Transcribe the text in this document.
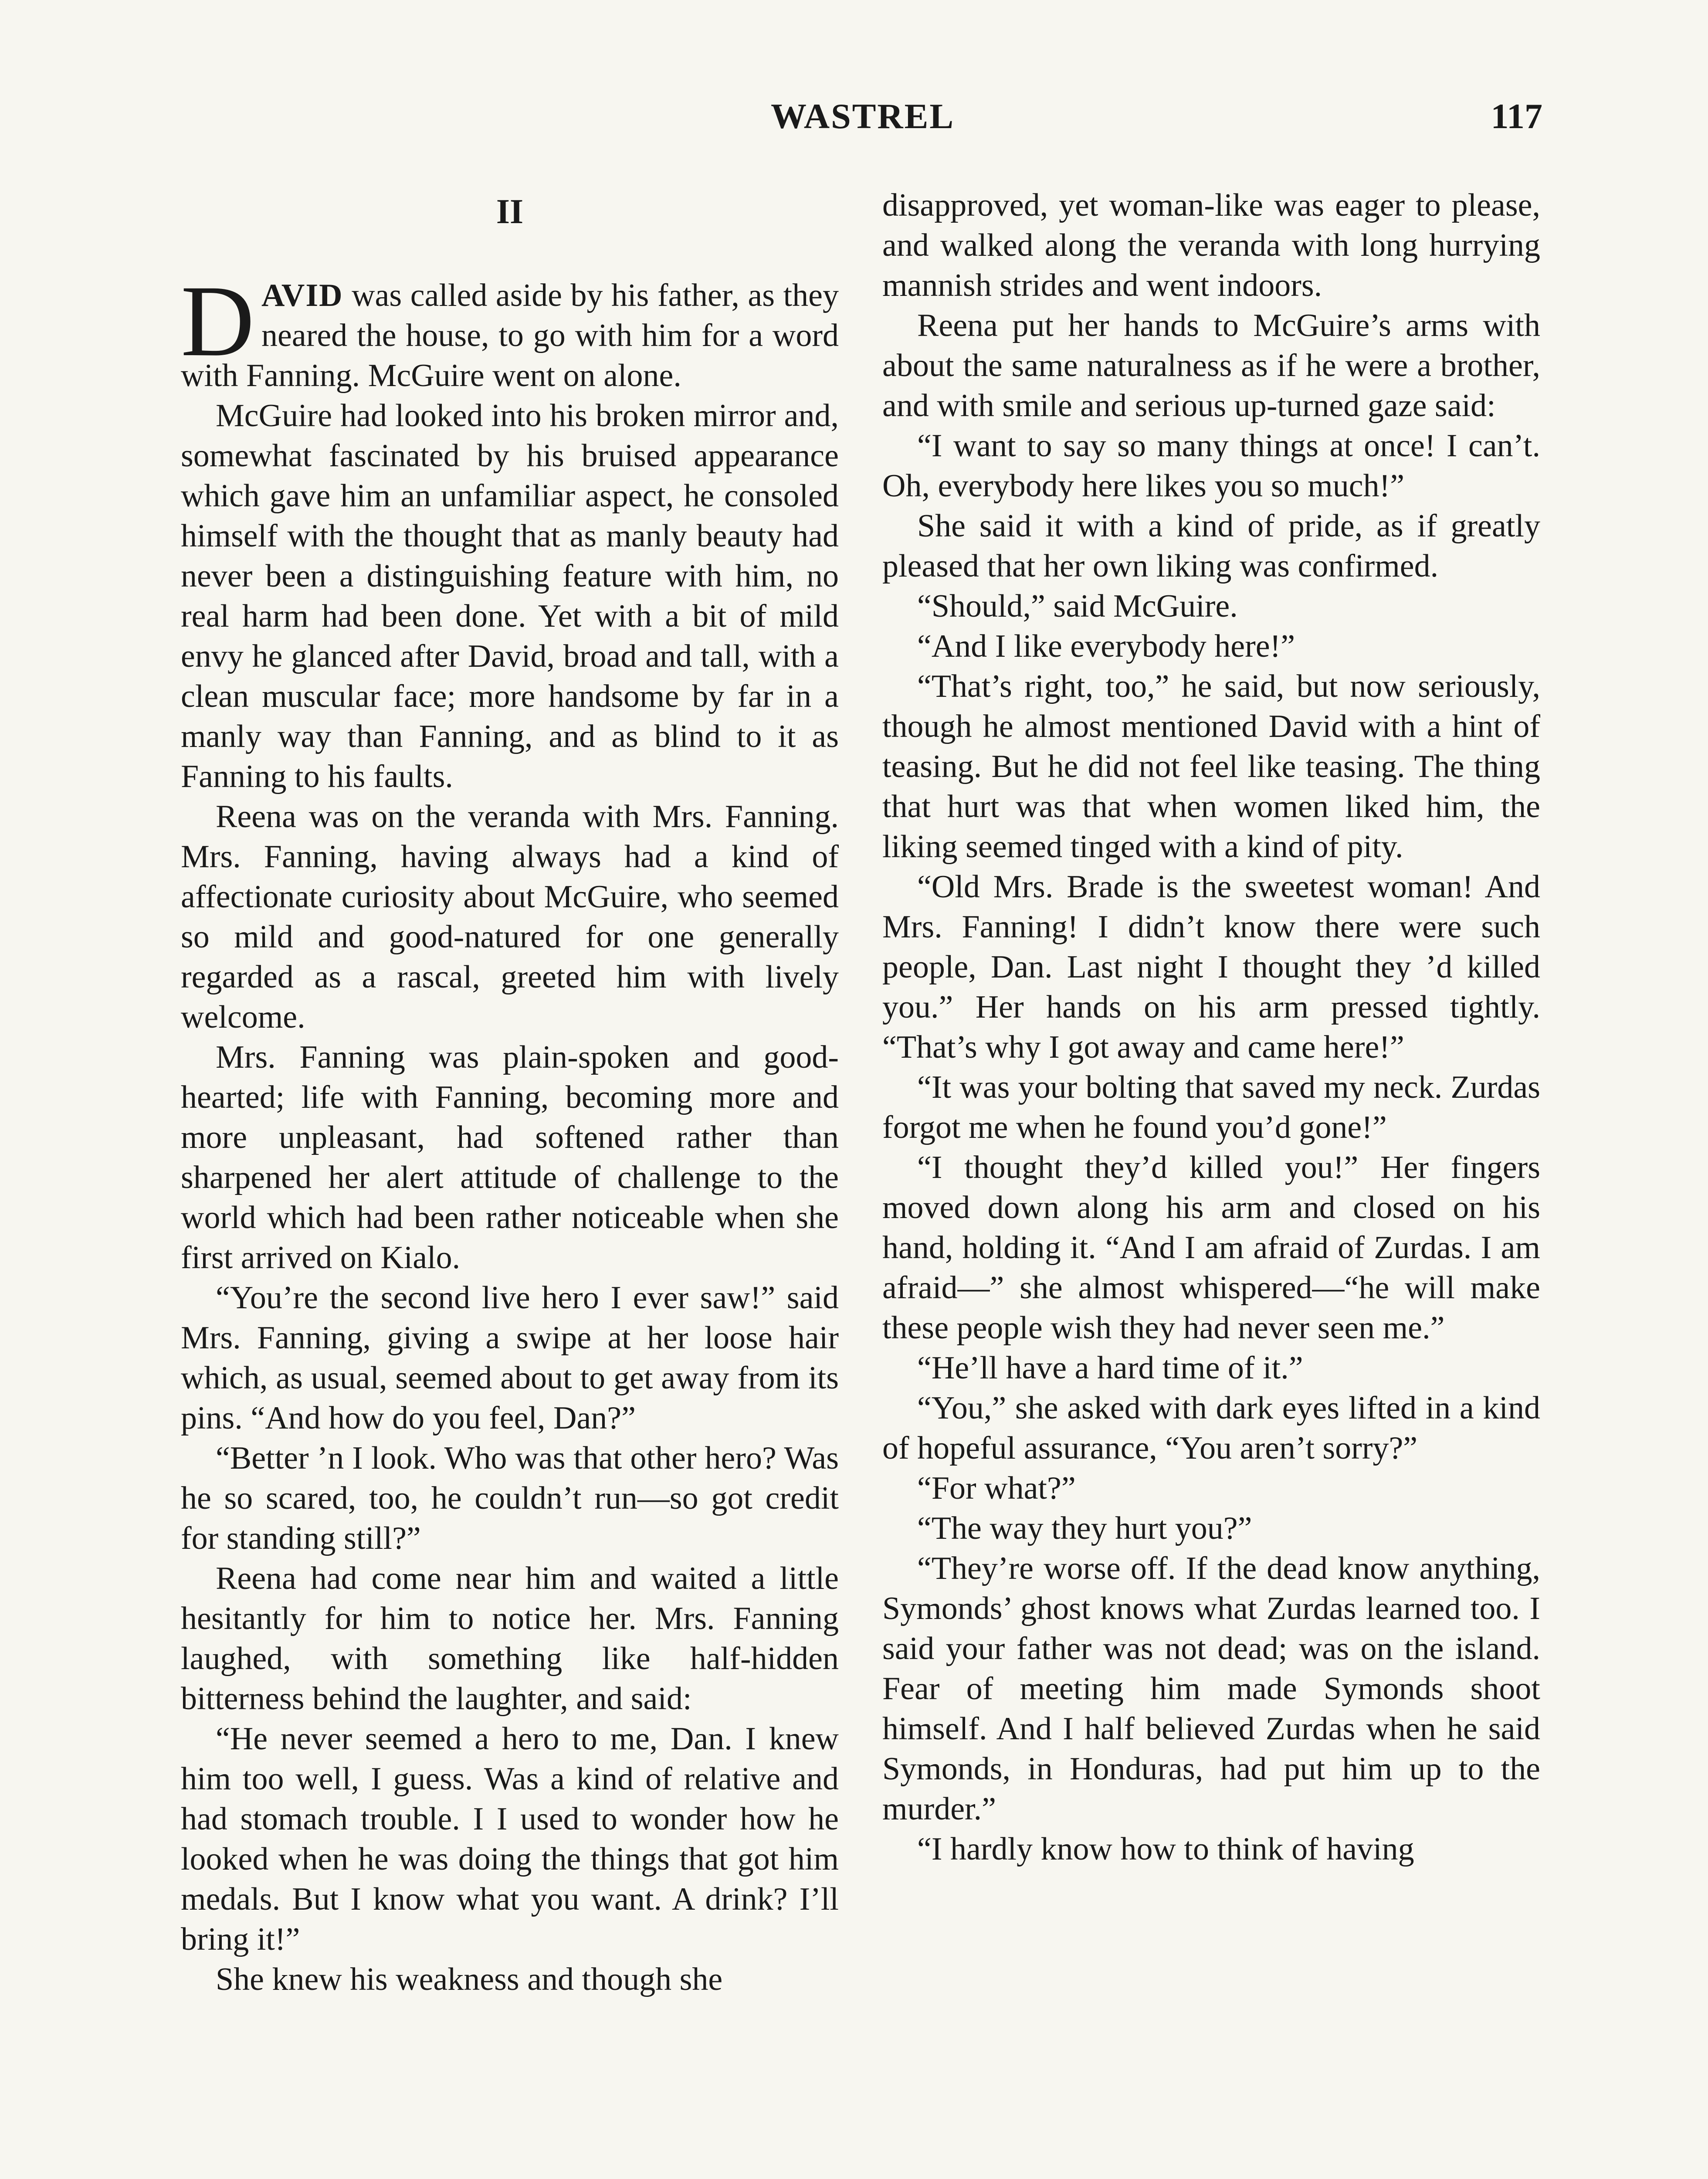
WASTREL	117
II

DAVID was called aside by his father, as they neared the house, to go with him for a word with Fanning. McGuire went on alone.

McGuire had looked into his broken mirror and, somewhat fascinated by his bruised appearance which gave him an unfamiliar aspect, he consoled himself with the thought that as manly beauty had never been a distinguishing feature with him, no real harm had been done. Yet with a bit of mild envy he glanced after David, broad and tall, with a clean muscular face; more handsome by far in a manly way than Fanning, and as blind to it as Fanning to his faults.

Reena was on the veranda with Mrs. Fanning. Mrs. Fanning, having always had a kind of affectionate curiosity about McGuire, who seemed so mild and good-natured for one generally regarded as a rascal, greeted him with lively welcome.

Mrs. Fanning was plain-spoken and good-hearted; life with Fanning, becoming more and more unpleasant, had softened rather than sharpened her alert attitude of challenge to the world which had been rather noticeable when she first arrived on Kialo.

“You’re the second live hero I ever saw!” said Mrs. Fanning, giving a swipe at her loose hair which, as usual, seemed about to get away from its pins. “And how do you feel, Dan?”

“Better ’n I look. Who was that other hero? Was he so scared, too, he couldn’t run—so got credit for standing still?”

Reena had come near him and waited a little hesitantly for him to notice her. Mrs. Fanning laughed, with something like half-hidden bitterness behind the laughter, and said:

“He never seemed a hero to me, Dan. I knew him too well, I guess. Was a kind of relative and had stomach trouble. I I used to wonder how he looked when he was doing the things that got him medals. But I know what you want. A drink? I’ll bring it!”

She knew his weakness and though she

disapproved, yet woman-like was eager to please, and walked along the veranda with long hurrying mannish strides and went indoors.

Reena put her hands to McGuire’s arms with about the same naturalness as if he were a brother, and with smile and serious up-turned gaze said:

“I want to say so many things at once! I can’t. Oh, everybody here likes you so much!”

She said it with a kind of pride, as if greatly pleased that her own liking was confirmed.

“Should,” said McGuire.

“And I like everybody here!”

“That’s right, too,” he said, but now seriously, though he almost mentioned David with a hint of teasing. But he did not feel like teasing. The thing that hurt was that when women liked him, the liking seemed tinged with a kind of pity.

“Old Mrs. Brade is the sweetest woman! And Mrs. Fanning! I didn’t know there were such people, Dan. Last night I thought they ’d killed you.” Her hands on his arm pressed tightly. “That’s why I got away and came here!”

“It was your bolting that saved my neck. Zurdas forgot me when he found you’d gone!”

“I thought they’d killed you!” Her fingers moved down along his arm and closed on his hand, holding it. “And I am afraid of Zurdas. I am afraid—” she almost whispered—“he will make these people wish they had never seen me.”

“He’ll have a hard time of it.”

“You,” she asked with dark eyes lifted in a kind of hopeful assurance, “You aren’t sorry?”

“For what?”

“The way they hurt you?”

“They’re worse off. If the dead know anything, Symonds’ ghost knows what Zurdas learned too. I said your father was not dead; was on the island. Fear of meeting him made Symonds shoot himself. And I half believed Zurdas when he said Symonds, in Honduras, had put him up to the murder.”

“I hardly know how to think of having
